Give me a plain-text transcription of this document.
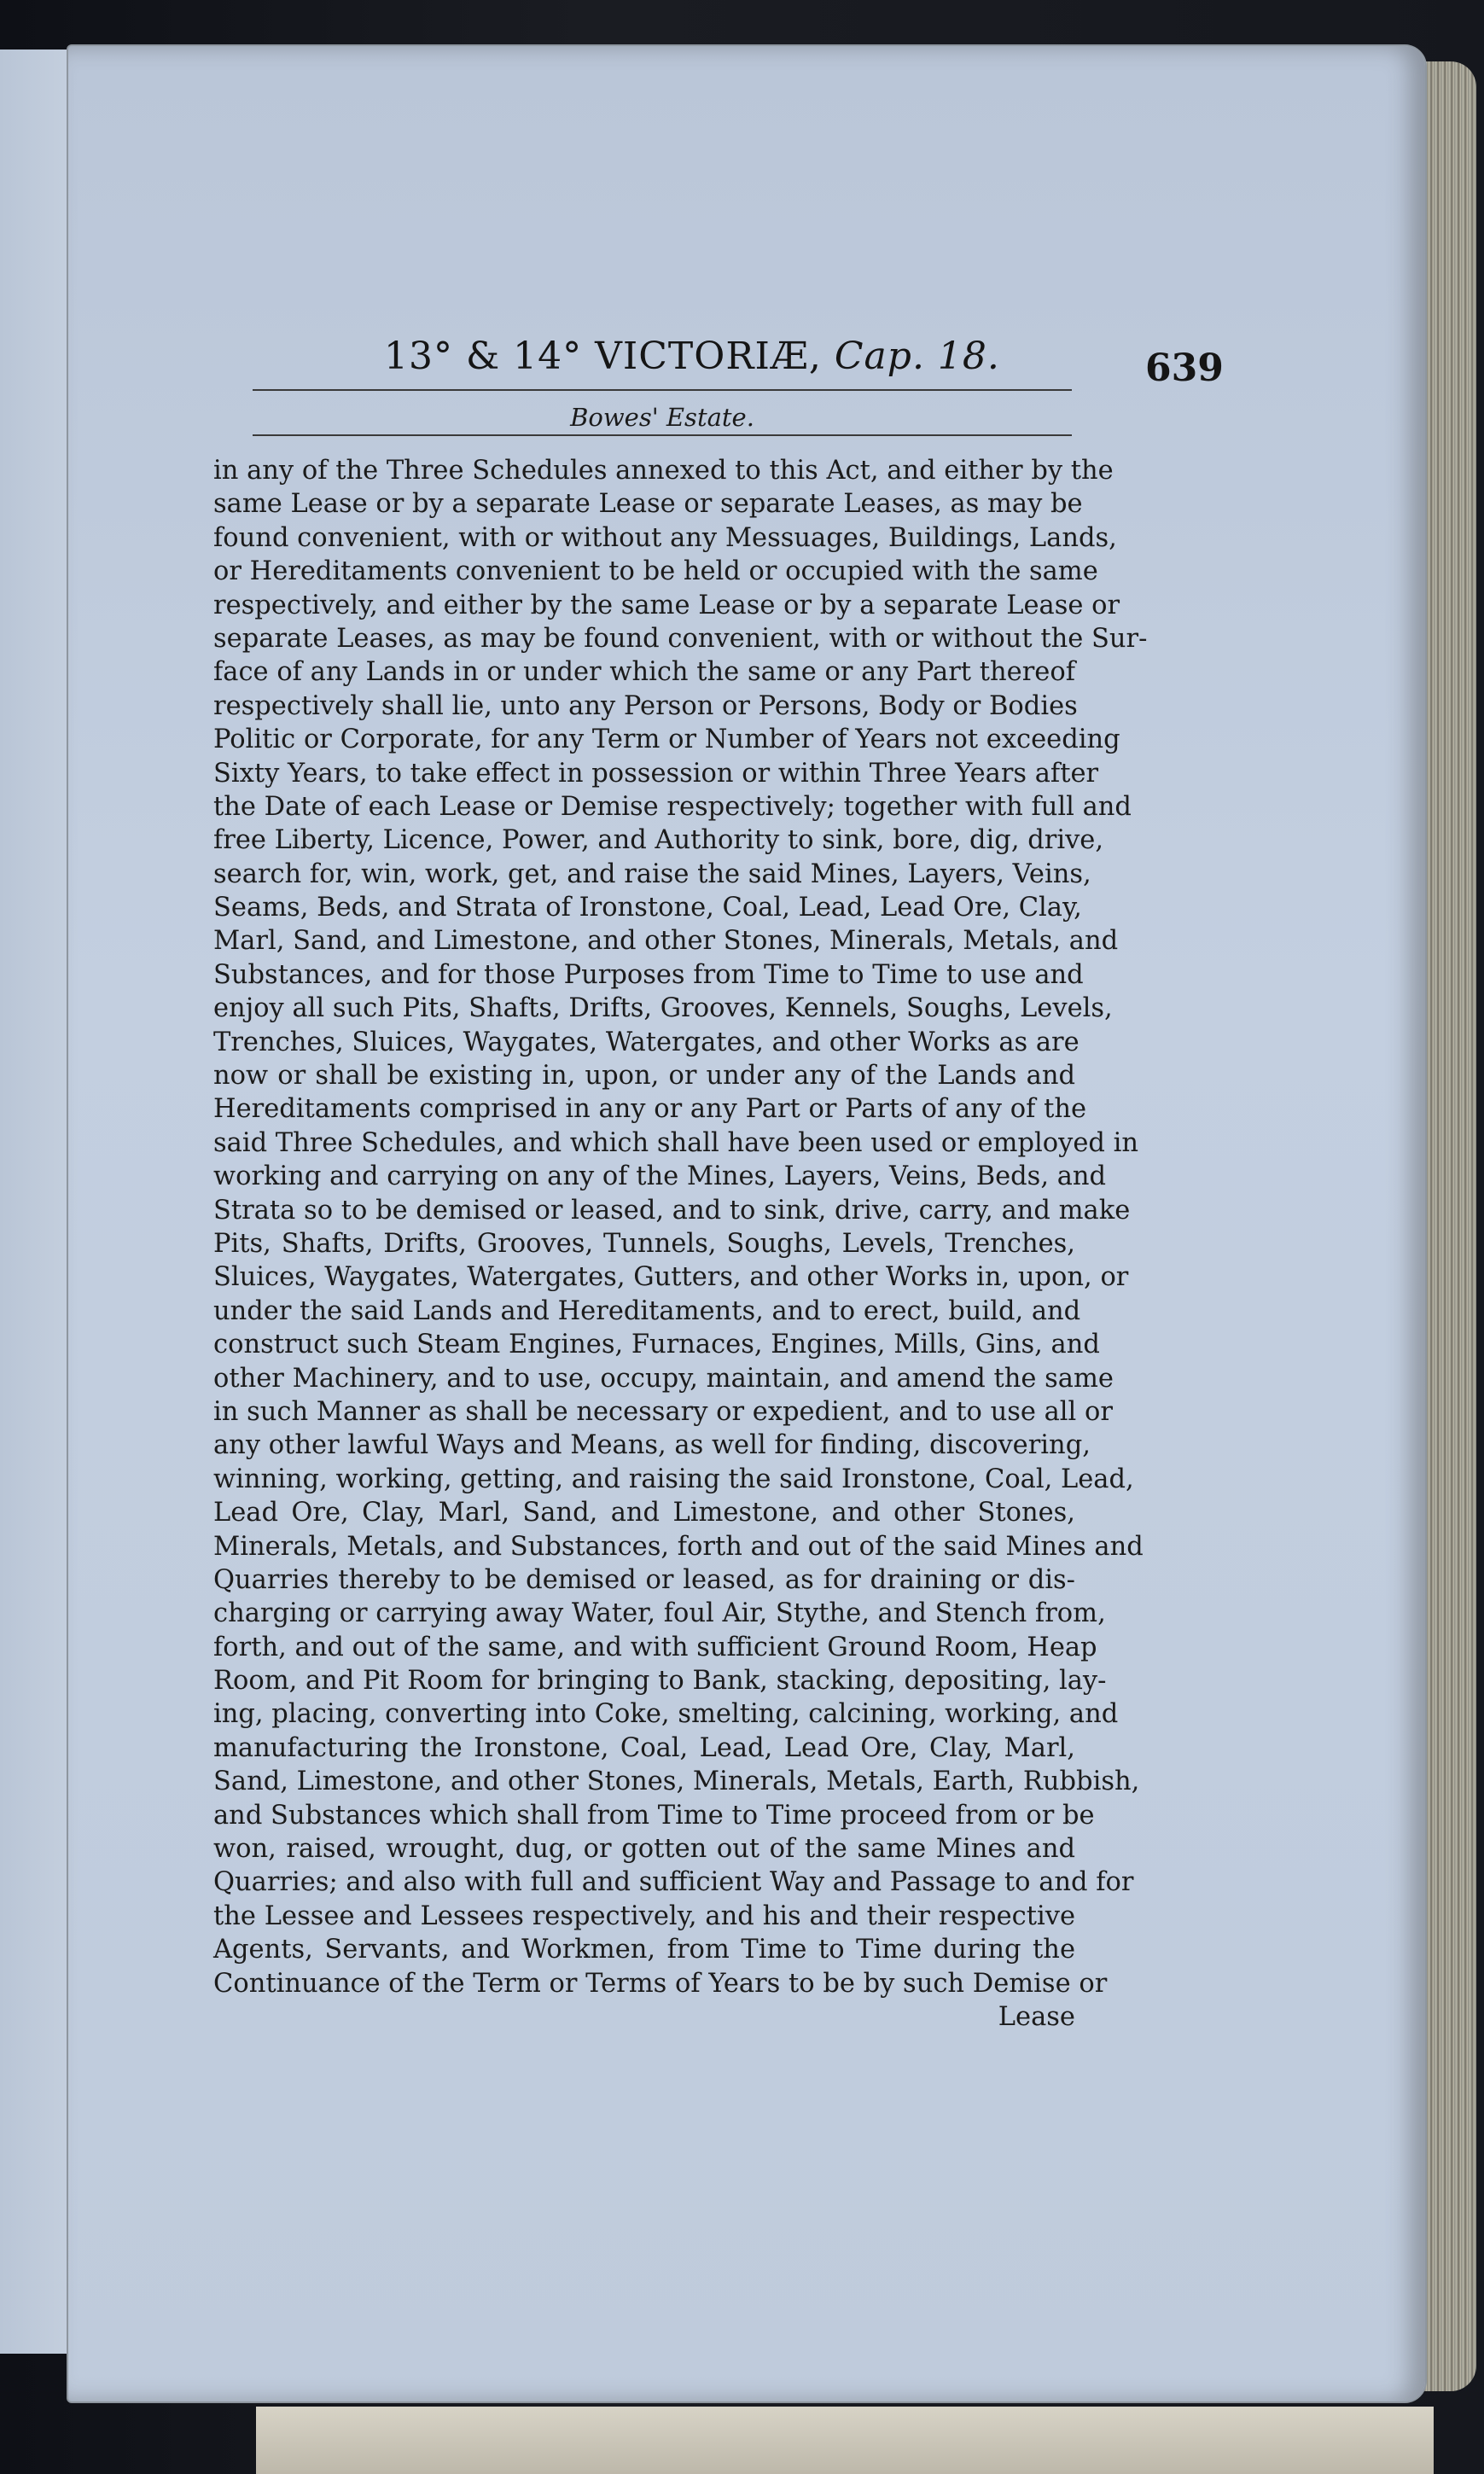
13° & 14° VICTORIÆ, Cap. 18.	639
Bowes' Estate.
in any of the Three Schedules annexed to this Act, and either by the
same Lease or by a separate Lease or separate Leases, as may be
found convenient, with or without any Messuages, Buildings, Lands,
or Hereditaments convenient to be held or occupied with the same
respectively, and either by the same Lease or by a separate Lease or
separate Leases, as may be found convenient, with or without the Sur-
face of any Lands in or under which the same or any Part thereof
respectively shall lie, unto any Person or Persons, Body or Bodies
Politic or Corporate, for any Term or Number of Years not exceeding
Sixty Years, to take effect in possession or within Three Years after
the Date of each Lease or Demise respectively; together with full and
free Liberty, Licence, Power, and Authority to sink, bore, dig, drive,
search for, win, work, get, and raise the said Mines, Layers, Veins,
Seams, Beds, and Strata of Ironstone, Coal, Lead, Lead Ore, Clay,
Marl, Sand, and Limestone, and other Stones, Minerals, Metals, and
Substances, and for those Purposes from Time to Time to use and
enjoy all such Pits, Shafts, Drifts, Grooves, Kennels, Soughs, Levels,
Trenches, Sluices, Waygates, Watergates, and other Works as are
now or shall be existing in, upon, or under any of the Lands and
Hereditaments comprised in any or any Part or Parts of any of the
said Three Schedules, and which shall have been used or employed in
working and carrying on any of the Mines, Layers, Veins, Beds, and
Strata so to be demised or leased, and to sink, drive, carry, and make
Pits, Shafts, Drifts, Grooves, Tunnels, Soughs, Levels, Trenches,
Sluices, Waygates, Watergates, Gutters, and other Works in, upon, or
under the said Lands and Hereditaments, and to erect, build, and
construct such Steam Engines, Furnaces, Engines, Mills, Gins, and
other Machinery, and to use, occupy, maintain, and amend the same
in such Manner as shall be necessary or expedient, and to use all or
any other lawful Ways and Means, as well for finding, discovering,
winning, working, getting, and raising the said Ironstone, Coal, Lead,
Lead Ore, Clay, Marl, Sand, and Limestone, and other Stones,
Minerals, Metals, and Substances, forth and out of the said Mines and
Quarries thereby to be demised or leased, as for draining or dis-
charging or carrying away Water, foul Air, Stythe, and Stench from,
forth, and out of the same, and with sufficient Ground Room, Heap
Room, and Pit Room for bringing to Bank, stacking, depositing, lay-
ing, placing, converting into Coke, smelting, calcining, working, and
manufacturing the Ironstone, Coal, Lead, Lead Ore, Clay, Marl,
Sand, Limestone, and other Stones, Minerals, Metals, Earth, Rubbish,
and Substances which shall from Time to Time proceed from or be
won, raised, wrought, dug, or gotten out of the same Mines and
Quarries; and also with full and sufficient Way and Passage to and for
the Lessee and Lessees respectively, and his and their respective
Agents, Servants, and Workmen, from Time to Time during the
Continuance of the Term or Terms of Years to be by such Demise or
Lease
